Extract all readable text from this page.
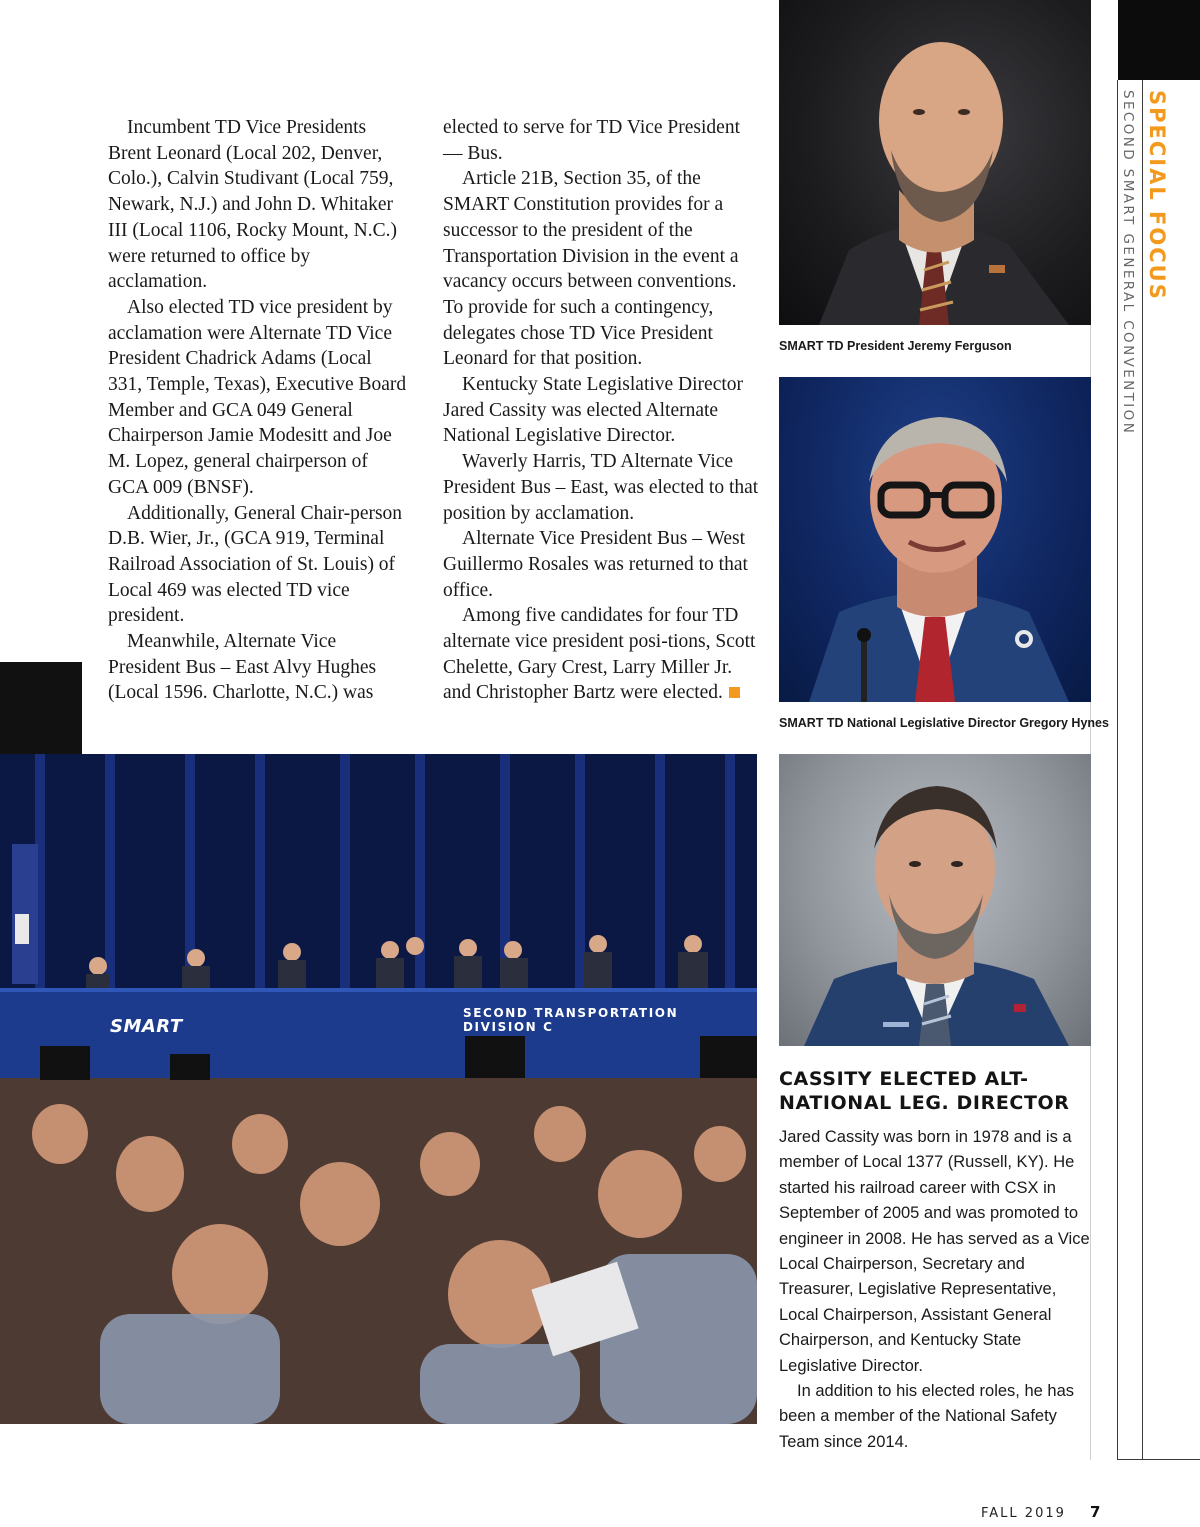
SPECIAL FOCUS
SECOND SMART GENERAL CONVENTION

Incumbent TD Vice Presidents Brent Leonard (Local 202, Denver, Colo.), Calvin Studivant (Local 759, Newark, N.J.) and John D. Whitaker III (Local 1106, Rocky Mount, N.C.) were returned to office by acclamation.

Also elected TD vice president by acclamation were Alternate TD Vice President Chadrick Adams (Local 331, Temple, Texas), Executive Board Member and GCA 049 General Chairperson Jamie Modesitt and Joe M. Lopez, general chairperson of GCA 009 (BNSF).

Additionally, General Chair-person D.B. Wier, Jr., (GCA 919, Terminal Railroad Association of St. Louis) of Local 469 was elected TD vice president.

Meanwhile, Alternate Vice President Bus – East Alvy Hughes (Local 1596. Charlotte, N.C.) was

elected to serve for TD Vice President — Bus.

Article 21B, Section 35, of the SMART Constitution provides for a successor to the president of the Transportation Division in the event a vacancy occurs between conventions. To provide for such a contingency, delegates chose TD Vice President Leonard for that position.

Kentucky State Legislative Director Jared Cassity was elected Alternate National Legislative Director.

Waverly Harris, TD Alternate Vice President Bus – East, was elected to that position by acclamation.

Alternate Vice President Bus – West Guillermo Rosales was returned to that office.

Among five candidates for four TD alternate vice president posi-tions, Scott Chelette, Gary Crest, Larry Miller Jr. and Christopher Bartz were elected.

SMART TD President Jeremy Ferguson
SMART TD National Legislative Director Gregory Hynes
SMART
SECOND TRANSPORTATION DIVISION C
CASSITY ELECTED ALT-
NATIONAL LEG. DIRECTOR

Jared Cassity was born in 1978 and is a member of Local 1377 (Russell, KY). He started his railroad career with CSX in September of 2005 and was promoted to engineer in 2008. He has served as a Vice Local Chairperson, Secretary and Treasurer, Legislative Representative, Local Chairperson, Assistant General Chairperson, and Kentucky State Legislative Director.

In addition to his elected roles, he has been a member of the National Safety Team since 2014.

FALL 2019 7
